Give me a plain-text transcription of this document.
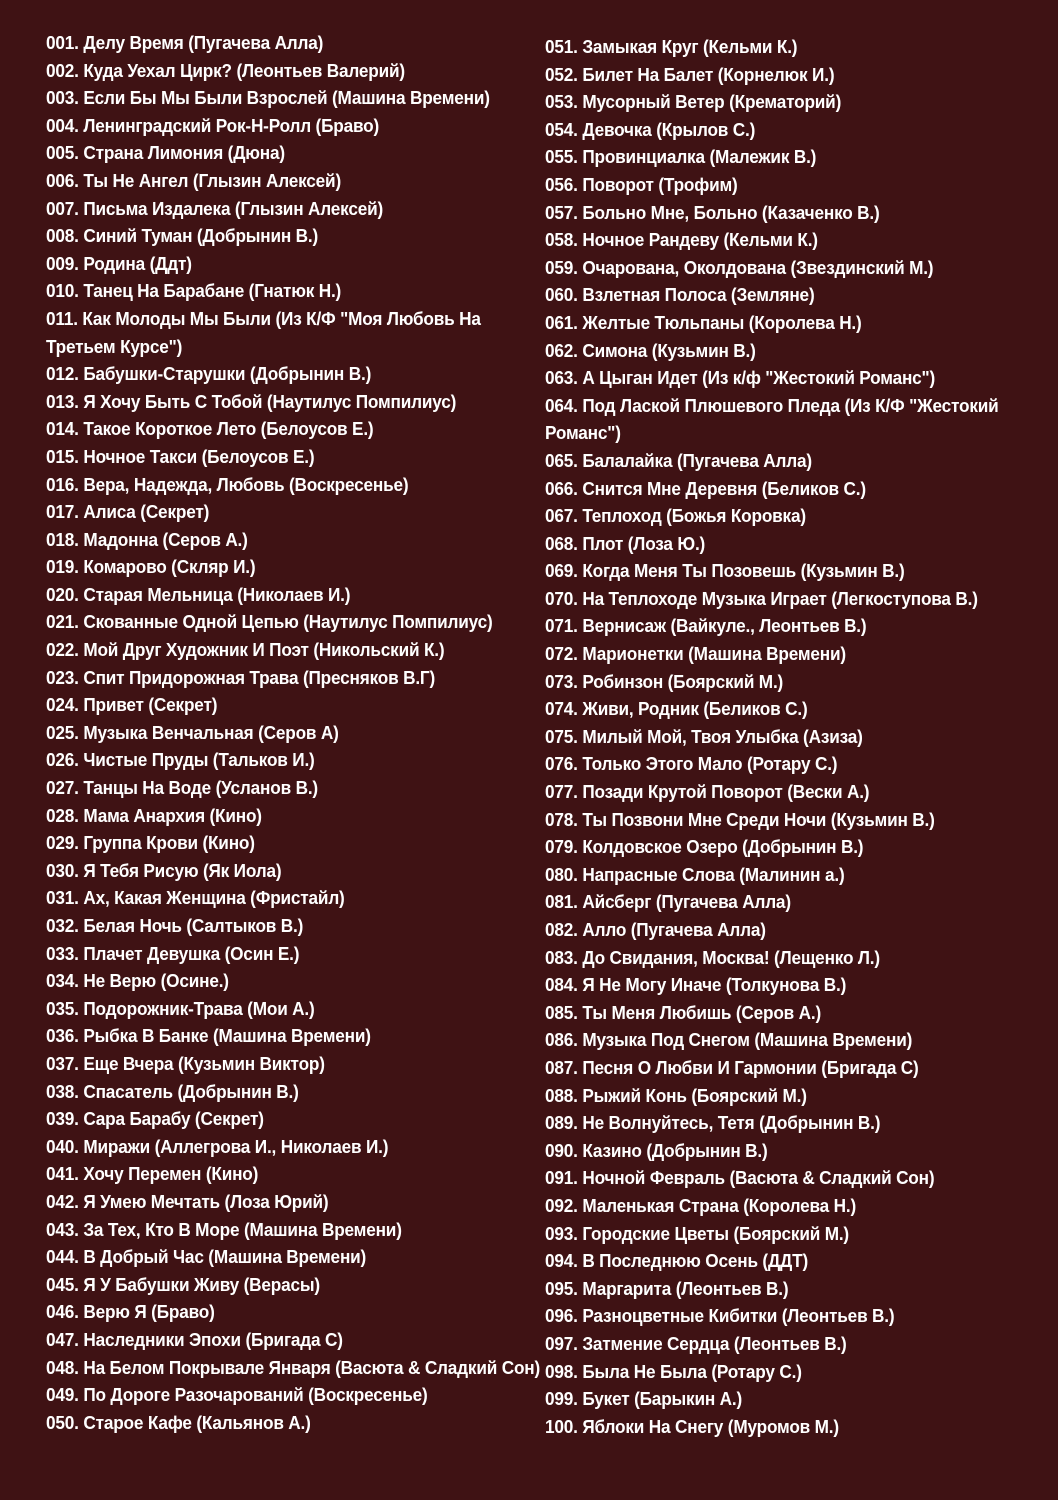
001. Делу Время (Пугачева Алла)
002. Куда Уехал Цирк? (Леонтьев Валерий)
003. Если Бы Мы Были Взрослей (Машина Времени)
004. Ленинградский Рок-Н-Ролл (Браво)
005. Страна Лимония (Дюна)
006. Ты Не Ангел (Глызин Алексей)
007. Письма Издалека (Глызин Алексей)
008. Синий Туман (Добрынин В.)
009. Родина (Ддт)
010. Танец На Барабане (Гнатюк Н.)
011. Как Молоды Мы Были (Из К/Ф "Моя Любовь На Третьем Курсе")
012. Бабушки-Старушки (Добрынин В.)
013. Я Хочу Быть С Тобой (Наутилус Помпилиус)
014. Такое Короткое Лето (Белоусов Е.)
015. Ночное Такси (Белоусов Е.)
016. Вера, Надежда, Любовь (Воскресенье)
017. Алиса (Секрет)
018. Мадонна (Серов А.)
019. Комарово (Скляр И.)
020. Старая Мельница (Николаев И.)
021. Скованные Одной Цепью (Наутилус Помпилиус)
022. Мой Друг Художник И Поэт (Никольский К.)
023. Спит Придорожная Трава (Пресняков В.Г)
024. Привет (Секрет)
025. Музыка Венчальная (Серов А)
026. Чистые Пруды (Тальков И.)
027. Танцы На Воде (Усланов В.)
028. Мама Анархия (Кино)
029. Группа Крови (Кино)
030. Я Тебя Рисую (Як Иола)
031. Ах, Какая Женщина (Фристайл)
032. Белая Ночь (Салтыков В.)
033. Плачет Девушка (Осин Е.)
034. Не Верю (Осине.)
035. Подорожник-Трава (Мои А.)
036. Рыбка В Банке (Машина Времени)
037. Еще Вчера (Кузьмин Виктор)
038. Спасатель (Добрынин В.)
039. Сара Барабу (Секрет)
040. Миражи (Аллегрова И., Николаев И.)
041. Хочу Перемен (Кино)
042. Я Умею Мечтать (Лоза Юрий)
043. За Тех, Кто В Море (Машина Времени)
044. В Добрый Час (Машина Времени)
045. Я У Бабушки Живу (Верасы)
046. Верю Я (Браво)
047. Наследники Эпохи (Бригада С)
048. На Белом Покрывале Января (Васюта & Сладкий Сон)
049. По Дороге Разочарований (Воскресенье)
050. Старое Кафе (Кальянов А.)
051. Замыкая Круг (Кельми К.)
052. Билет На Балет (Корнелюк И.)
053. Мусорный Ветер (Крематорий)
054. Девочка (Крылов С.)
055. Провинциалка (Малежик В.)
056. Поворот (Трофим)
057. Больно Мне, Больно (Казаченко В.)
058. Ночное Рандеву (Кельми К.)
059. Очарована, Околдована (Звездинский М.)
060. Взлетная Полоса (Земляне)
061. Желтые Тюльпаны (Королева Н.)
062. Симона (Кузьмин В.)
063. А Цыган Идет (Из к/ф "Жестокий Романс")
064. Под Лаской Плюшевого Пледа (Из К/Ф "Жестокий Романс")
065. Балалайка (Пугачева Алла)
066. Снится Мне Деревня (Беликов С.)
067. Теплоход (Божья Коровка)
068. Плот (Лоза Ю.)
069. Когда Меня Ты Позовешь (Кузьмин В.)
070. На Теплоходе Музыка Играет (Легкоступова В.)
071. Вернисаж (Вайкуле., Леонтьев В.)
072. Марионетки (Машина Времени)
073. Робинзон (Боярский М.)
074. Живи, Родник (Беликов С.)
075. Милый Мой, Твоя Улыбка (Азиза)
076. Только Этого Мало (Ротару С.)
077. Позади Крутой Поворот (Вески А.)
078. Ты Позвони Мне Среди Ночи (Кузьмин В.)
079. Колдовское Озеро (Добрынин В.)
080. Напрасные Слова (Малинин а.)
081. Айсберг (Пугачева Алла)
082. Алло (Пугачева Алла)
083. До Свидания, Москва! (Лещенко Л.)
084. Я Не Могу Иначе (Толкунова В.)
085. Ты Меня Любишь (Серов А.)
086. Музыка Под Снегом (Машина Времени)
087. Песня О Любви И Гармонии (Бригада С)
088. Рыжий Конь (Боярский М.)
089. Не Волнуйтесь, Тетя (Добрынин В.)
090. Казино (Добрынин В.)
091. Ночной Февраль (Васюта & Сладкий Сон)
092. Маленькая Страна (Королева Н.)
093. Городские Цветы (Боярский М.)
094. В Последнюю Осень (ДДТ)
095. Маргарита (Леонтьев В.)
096. Разноцветные Кибитки (Леонтьев В.)
097. Затмение Сердца (Леонтьев В.)
098. Была Не Была (Ротару С.)
099. Букет (Барыкин А.)
100. Яблоки На Снегу (Муромов М.)
